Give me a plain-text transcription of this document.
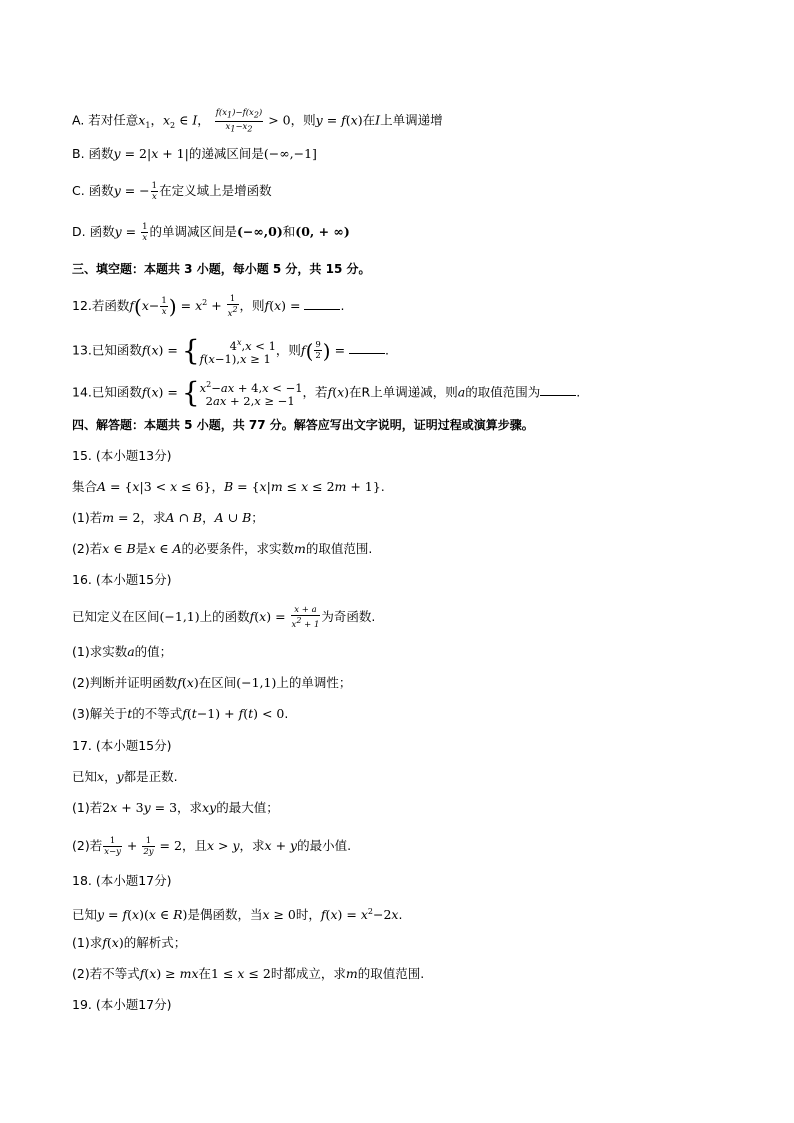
A. 若对任意$x_1$，$x_2$ ∈ I， $\frac{f(x_1)-f(x_2)}{x_1-x_2} > 0$，则y = f(x)在I上单调递增
B. 函数y = 2|x + 1|的递减区间是(−∞,−1]
C. 函数y = − $\frac{1}{x}$ 在定义域上是增函数
D. 函数$y = \frac{1}{x}$ 的单调减区间是(−∞,0)和(0, + ∞)
三、填空题：本题共 3 小题，每小题 5 分，共 15 分。
12.若函数$f(x- \frac{1}{x}$ ) = $x^2 + \frac{1}{x^2}$ ，则f(x) =	.
13.已知函数f(x) = {	$4^x,x < 1$
f(x−1),x ≥ 1
，则$f( \frac{9}{2}$ ) =	.
14.已知函数f(x) = { $x^2-ax + 4,x < -1$
2ax + 2,x ≥ −1
，若f(x)在R上单调递减，则a的取值范围为	.
四、解答题：本题共 5 小题，共 77 分。解答应写出文字说明，证明过程或演算步骤。
15. (本小题13分)
集合A = {x|3 < x ≤ 6}，B = {x|m ≤ x ≤ 2m + 1}.
(1)若m = 2，求A ∩ B，A ∪ B；
(2)若x ∈ B是x ∈ A的必要条件，求实数m的取值范围.
16. (本小题15分)
已知定义在区间(−1,1)上的函数$f(x) = \frac{x + a}{x^2 + 1}$ 为奇函数.
(1)求实数a的值；
(2)判断并证明函数f(x)在区间(−1,1)上的单调性；
(3)解关于t的不等式f(t−1) + f(t) < 0.
17. (本小题15分)
已知x，y都是正数.
(1)若2x + 3y = 3，求xy的最大值；
(2)若 $\frac{1}{x-y} + \frac{1}{2y} = 2$，且x > y，求x + y的最小值.
18. (本小题17分)
已知y = f(x)(x ∈ R)是偶函数，当x ≥ 0时，$f(x) = x^2-2x$.
(1)求f(x)的解析式；
(2)若不等式f(x) ≥ mx在1 ≤ x ≤ 2时都成立，求m的取值范围.
19. (本小题17分)
